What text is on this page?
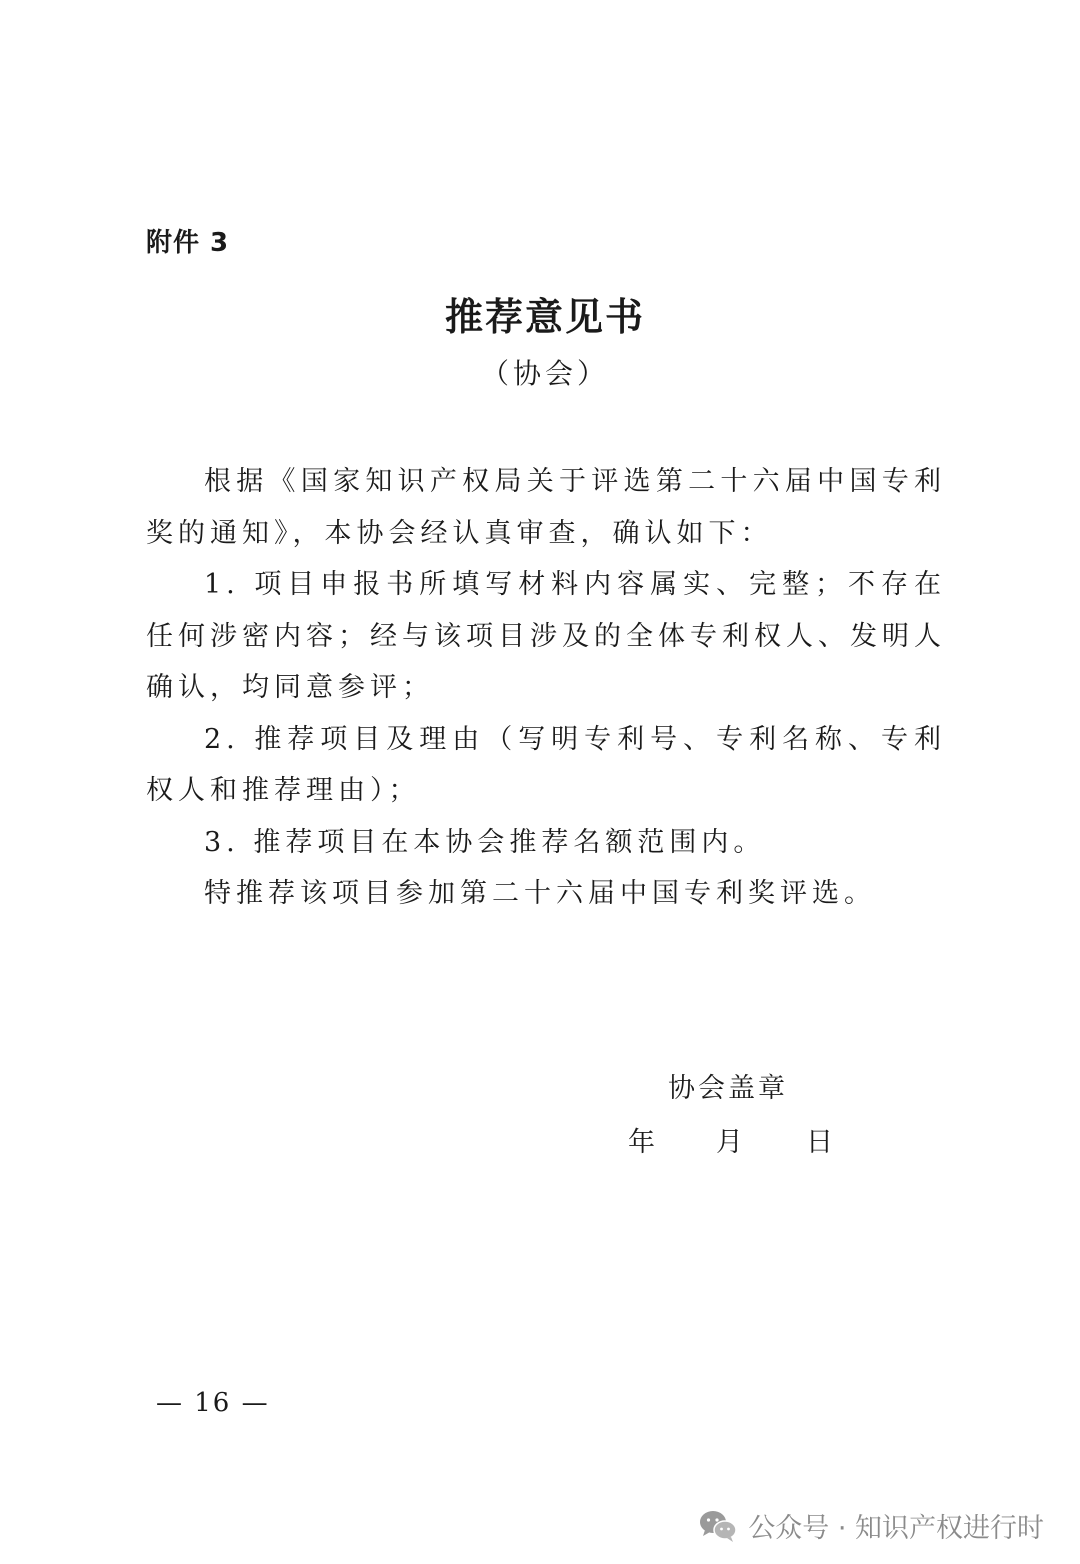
附件 3
推荐意见书
（协会）

根据《国家知识产权局关于评选第二十六届中国专利奖的通知》，本协会经认真审查，确认如下：

1. 项目申报书所填写材料内容属实、完整；不存在任何涉密内容；经与该项目涉及的全体专利权人、发明人确认，均同意参评；

2. 推荐项目及理由（写明专利号、专利名称、专利权人和推荐理由）；

3. 推荐项目在本协会推荐名额范围内。

特推荐该项目参加第二十六届中国专利奖评选。

协会盖章
年 月 日
— 16 —
公众号 · 知识产权进行时
